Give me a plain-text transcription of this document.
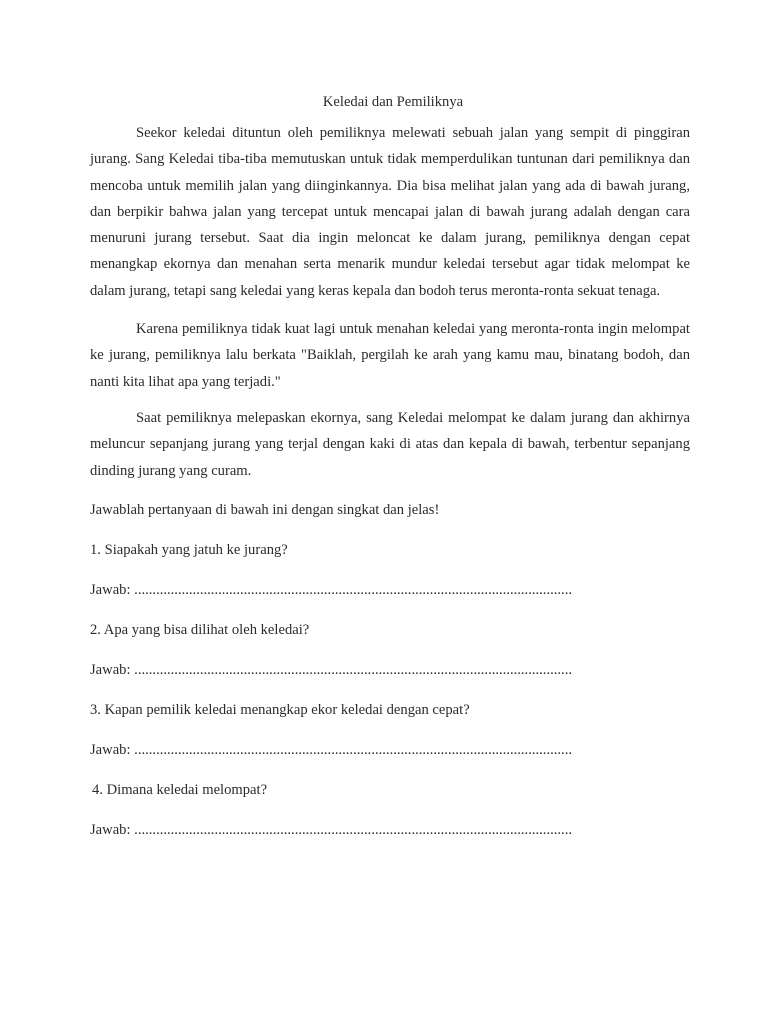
Keledai dan Pemiliknya

Seekor keledai dituntun oleh pemiliknya melewati sebuah jalan yang sempit di pinggiran jurang. Sang Keledai tiba-tiba memutuskan untuk tidak memperdulikan tuntunan dari pemiliknya dan mencoba untuk memilih jalan yang diinginkannya. Dia bisa melihat jalan yang ada di bawah jurang, dan berpikir bahwa jalan yang tercepat untuk mencapai jalan di bawah jurang adalah dengan cara menuruni jurang tersebut. Saat dia ingin meloncat ke dalam jurang, pemiliknya dengan cepat menangkap ekornya dan menahan serta menarik mundur keledai tersebut agar tidak melompat ke dalam jurang, tetapi sang keledai yang keras kepala dan bodoh terus meronta-ronta sekuat tenaga.

Karena pemiliknya tidak kuat lagi untuk menahan keledai yang meronta-ronta ingin melompat ke jurang, pemiliknya lalu berkata "Baiklah, pergilah ke arah yang kamu mau, binatang bodoh, dan nanti kita lihat apa yang terjadi."

Saat pemiliknya melepaskan ekornya, sang Keledai melompat ke dalam jurang dan akhirnya meluncur sepanjang jurang yang terjal dengan kaki di atas dan kepala di bawah, terbentur sepanjang dinding jurang yang curam.

Jawablah pertanyaan di bawah ini dengan singkat dan jelas!
1. Siapakah yang jatuh ke jurang?
Jawab: ........................................................................................................................
2. Apa yang bisa dilihat oleh keledai?
Jawab: ........................................................................................................................
3. Kapan pemilik keledai menangkap ekor keledai dengan cepat?
Jawab: ........................................................................................................................
4. Dimana keledai melompat?
Jawab: ........................................................................................................................
